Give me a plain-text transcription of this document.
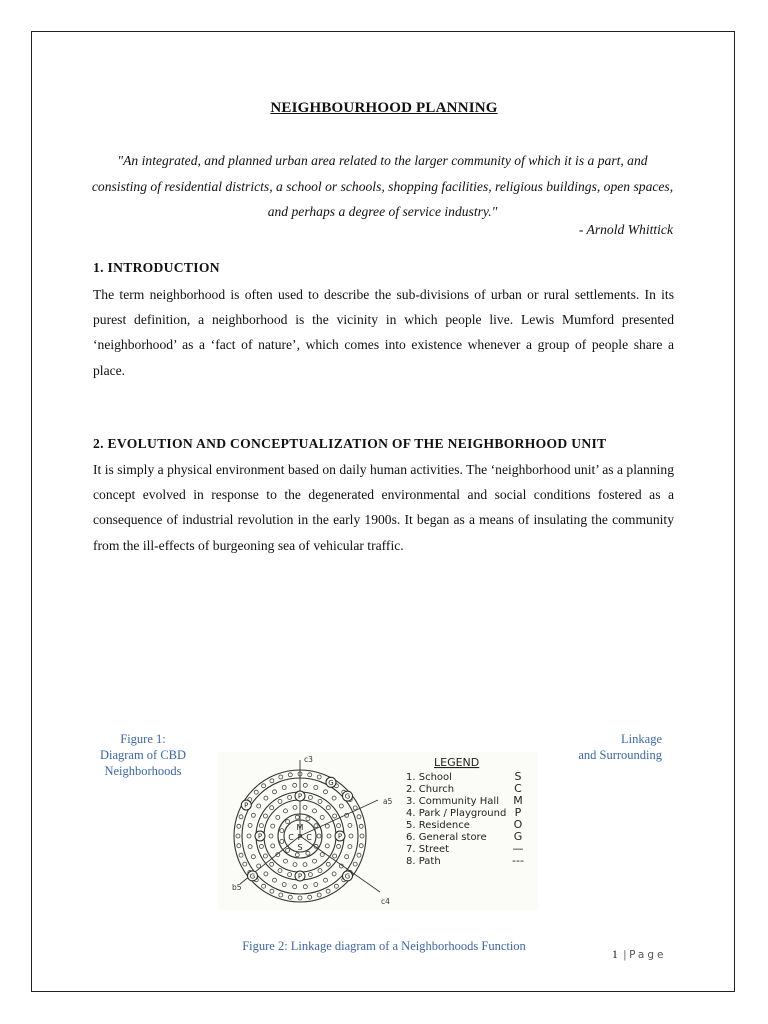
NEIGHBOURHOOD PLANNING
"An integrated, and planned urban area related to the larger community of which it is a part, and consisting of residential districts, a school or schools, shopping facilities, religious buildings, open spaces, and perhaps a degree of service industry."
- Arnold Whittick
1. INTRODUCTION
The term neighborhood is often used to describe the sub-divisions of urban or rural settlements. In its purest definition, a neighborhood is the vicinity in which people live. Lewis Mumford presented ‘neighborhood’ as a ‘fact of nature’, which comes into existence whenever a group of people share a place.
2. EVOLUTION AND CONCEPTUALIZATION OF THE NEIGHBORHOOD UNIT
It is simply a physical environment based on daily human activities. The ‘neighborhood unit’ as a planning concept evolved in response to the degenerated environmental and social conditions fostered as a consequence of industrial revolution in the early 1900s. It began as a means of insulating the community from the ill-effects of burgeoning sea of vehicular traffic.
Figure 1:
Diagram of CBD
Neighborhoods
Linkage
and Surrounding
P
P
P
P
P
G
G
G
G
c3
a5
b5
c4
M
C P C
S
LEGEND
1. School	S
2. Church	C
3. Community Hall M
4. Park / Playground P
5. Residence	O
6. General store G
7. Street	—
8. Path	---
Figure 2: Linkage diagram of a Neighborhoods Function
1 | Page
